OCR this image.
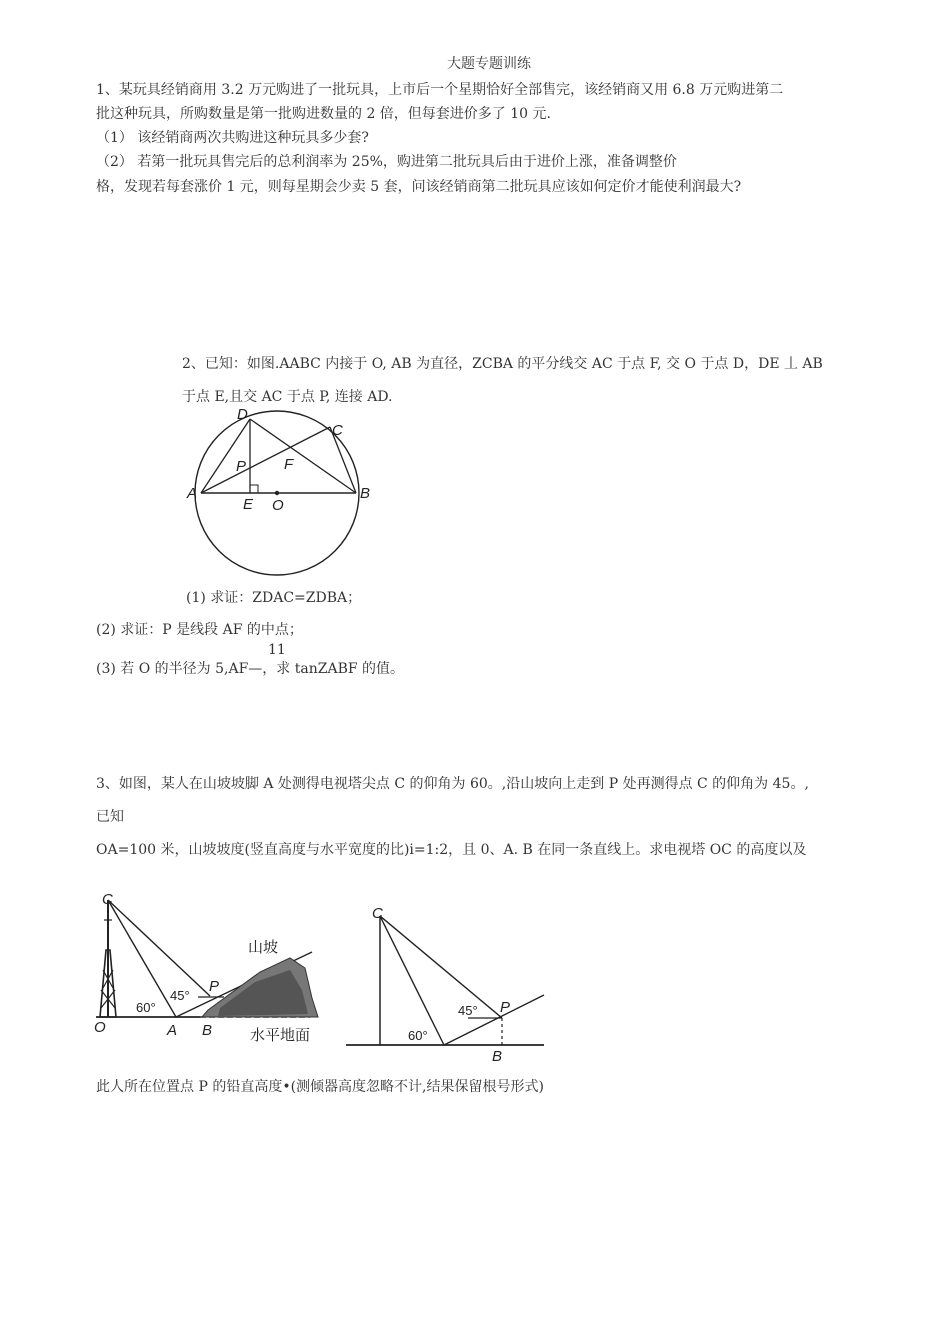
大题专题训练
1、某玩具经销商用 3.2 万元购进了一批玩具，上市后一个星期恰好全部售完，该经销商又用 6.8 万元购进第二
批这种玩具，所购数量是第一批购进数量的 2 倍，但每套进价多了 10 元.
（1） 该经销商两次共购进这种玩具多少套?
（2） 若第一批玩具售完后的总利润率为 25%，购进第二批玩具后由于进价上涨，准备调整价
格，发现若每套涨价 1 元，则每星期会少卖 5 套，问该经销商第二批玩具应该如何定价才能使利润最大?
2、已知：如图.AABC 内接于 O, AB 为直径，ZCBA 的平分线交 AC 于点 F, 交 O 于点 D，DE 丄 AB
于点 E,且交 AC 于点 P, 连接 AD.
D
C
P	F
A	B
E O
(1) 求证：ZDAC=ZDBA；
(2) 求证：P 是线段 AF 的中点；
11
(3) 若 O 的半径为 5,AF—，求 tanZABF 的值。
3、如图，某人在山坡坡脚 A 处测得电视塔尖点 C 的仰角为 60。,沿山坡向上走到 P 处再测得点 C 的仰角为 45。,
已知
OA=100 米，山坡坡度(竖直高度与水平宽度的比)i=1:2，且 0、A. B 在同一条直线上。求电视塔 OC 的高度以及
C
O	A B
P
60°
45°
山坡
水平地面
C
P
B
60°
45°
此人所在位置点 P 的铅直高度•(测倾器高度忽略不计,结果保留根号形式)
